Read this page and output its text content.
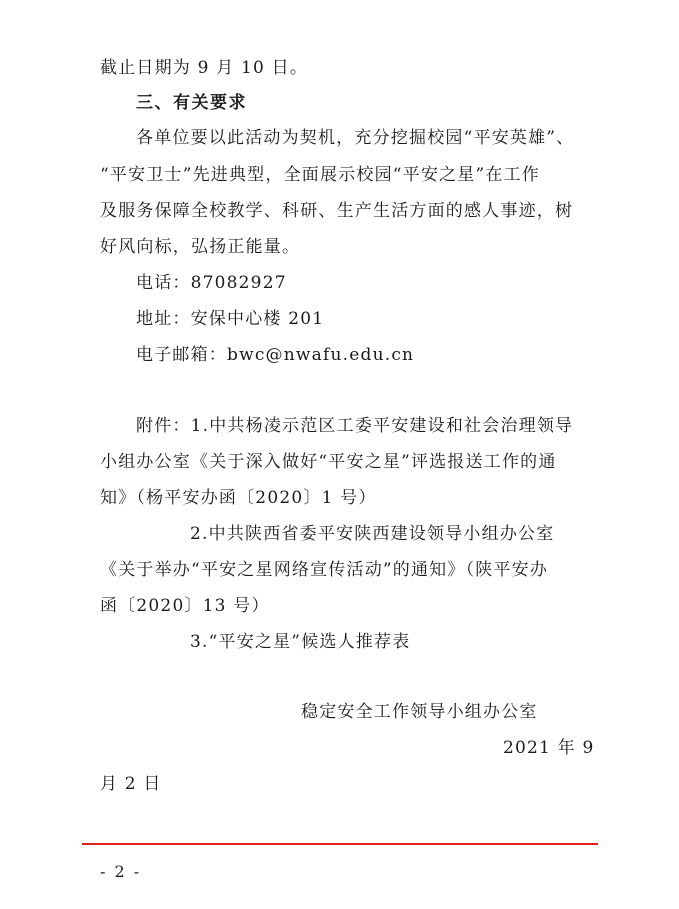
截止日期为 9 月 10 日。
三、有关要求
各单位要以此活动为契机，充分挖掘校园“平安英雄”、
“平安卫士”先进典型，全面展示校园“平安之星”在工作
及服务保障全校教学、科研、生产生活方面的感人事迹，树
好风向标，弘扬正能量。
电话：87082927
地址：安保中心楼 201
电子邮箱：bwc@nwafu.edu.cn
附件：1.中共杨凌示范区工委平安建设和社会治理领导
小组办公室《关于深入做好“平安之星”评选报送工作的通
知》（杨平安办函〔2020〕1 号）
2.中共陕西省委平安陕西建设领导小组办公室
《关于举办“平安之星网络宣传活动”的通知》（陕平安办
函〔2020〕13 号）
3.“平安之星”候选人推荐表
稳定安全工作领导小组办公室
2021 年 9
月 2 日
- 2 -
